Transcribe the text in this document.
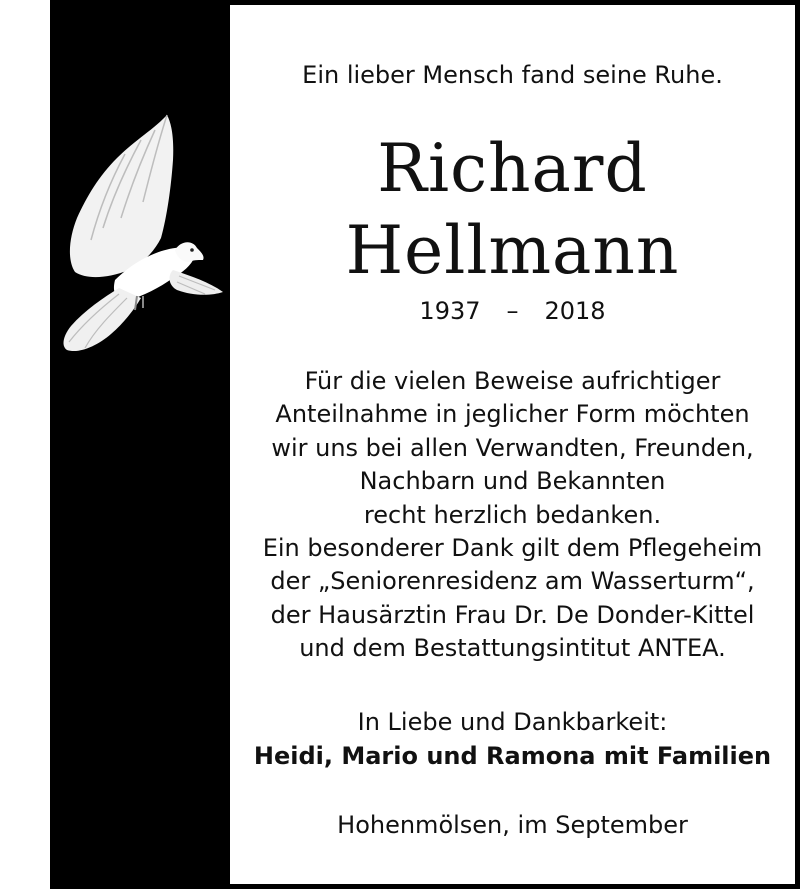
Ein lieber Mensch fand seine Ruhe.
Richard
Hellmann
1937 – 2018
Für die vielen Beweise aufrichtiger
Anteilnahme in jeglicher Form möchten
wir uns bei allen Verwandten, Freunden,
Nachbarn und Bekannten
recht herzlich bedanken.
Ein besonderer Dank gilt dem Pflegeheim
der „Seniorenresidenz am Wasserturm“,
der Hausärztin Frau Dr. De Donder-Kittel
und dem Bestattungsintitut ANTEA.
In Liebe und Dankbarkeit:
Heidi, Mario und Ramona mit Familien
Hohenmölsen, im September
